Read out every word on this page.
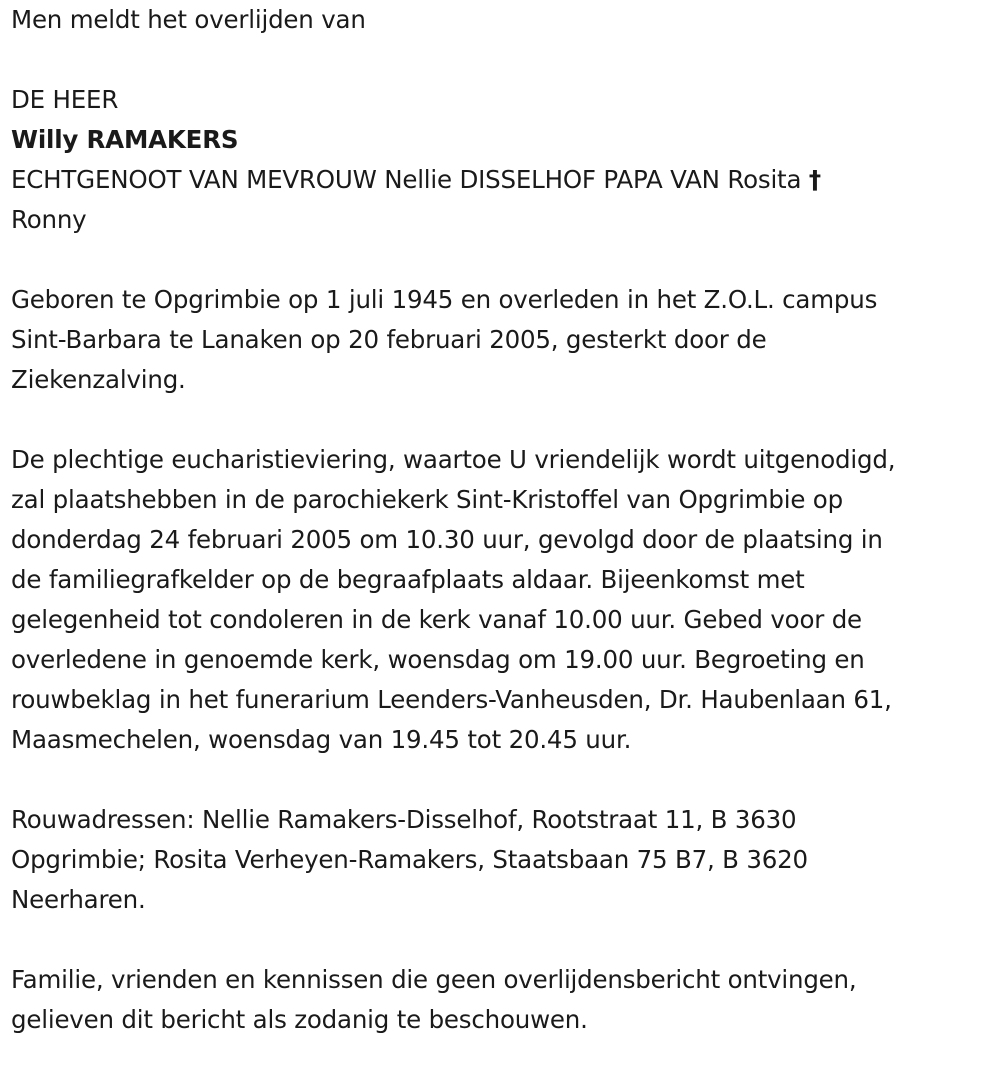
Men meldt het overlijden van
DE HEER
Willy RAMAKERS
ECHTGENOOT VAN MEVROUW Nellie DISSELHOF PAPA VAN Rosita †
Ronny
Geboren te Opgrimbie op 1 juli 1945 en overleden in het Z.O.L. campus
Sint-Barbara te Lanaken op 20 februari 2005, gesterkt door de
Ziekenzalving.
De plechtige eucharistieviering, waartoe U vriendelijk wordt uitgenodigd,
zal plaatshebben in de parochiekerk Sint-Kristoffel van Opgrimbie op
donderdag 24 februari 2005 om 10.30 uur, gevolgd door de plaatsing in
de familiegrafkelder op de begraafplaats aldaar. Bijeenkomst met
gelegenheid tot condoleren in de kerk vanaf 10.00 uur. Gebed voor de
overledene in genoemde kerk, woensdag om 19.00 uur. Begroeting en
rouwbeklag in het funerarium Leenders-Vanheusden, Dr. Haubenlaan 61,
Maasmechelen, woensdag van 19.45 tot 20.45 uur.
Rouwadressen: Nellie Ramakers-Disselhof, Rootstraat 11, B 3630
Opgrimbie; Rosita Verheyen-Ramakers, Staatsbaan 75 B7, B 3620
Neerharen.
Familie, vrienden en kennissen die geen overlijdensbericht ontvingen,
gelieven dit bericht als zodanig te beschouwen.
